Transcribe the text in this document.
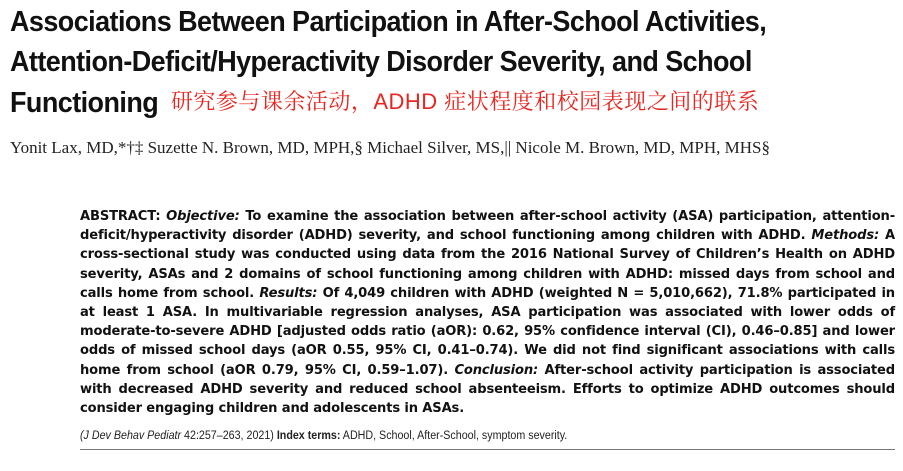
Associations Between Participation in After-School Activities,
Attention-Deficit/Hyperactivity Disorder Severity, and School
Functioning 研究参与课余活动，ADHD 症状程度和校园表现之间的联系
Yonit Lax, MD,*†‡ Suzette N. Brown, MD, MPH,§ Michael Silver, MS,|| Nicole M. Brown, MD, MPH, MHS§
ABSTRACT: Objective: To examine the association between after-school activity (ASA) participation, attention-deficit/hyperactivity disorder (ADHD) severity, and school functioning among children with ADHD. Methods: A cross-sectional study was conducted using data from the 2016 National Survey of Children’s Health on ADHD severity, ASAs and 2 domains of school functioning among children with ADHD: missed days from school and calls home from school. Results: Of 4,049 children with ADHD (weighted N = 5,010,662), 71.8% participated in at least 1 ASA. In multivariable regression analyses, ASA participation was associated with lower odds of moderate-to-severe ADHD [adjusted odds ratio (aOR): 0.62, 95% confidence interval (CI), 0.46–0.85] and lower odds of missed school days (aOR 0.55, 95% CI, 0.41–0.74). We did not find significant associations with calls home from school (aOR 0.79, 95% CI, 0.59–1.07). Conclusion: After-school activity participation is associated with decreased ADHD severity and reduced school absenteeism. Efforts to optimize ADHD outcomes should consider engaging children and adolescents in ASAs.
(J Dev Behav Pediatr 42:257–263, 2021) Index terms: ADHD, School, After-School, symptom severity.
